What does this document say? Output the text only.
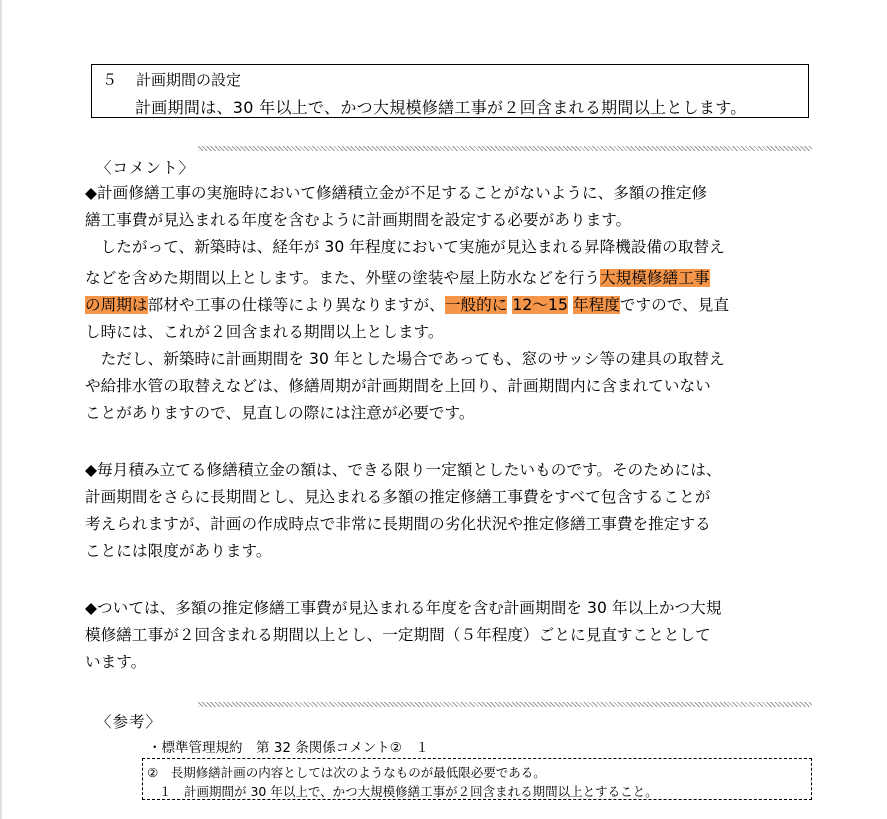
５ 計画期間の設定
計画期間は、30 年以上で、かつ大規模修繕工事が２回含まれる期間以上とします。
〈コメント〉
◆計画修繕工事の実施時において修繕積立金が不足することがないように、多額の推定修
繕工事費が見込まれる年度を含むように計画期間を設定する必要があります。
　したがって、新築時は、経年が 30 年程度において実施が見込まれる昇降機設備の取替え
などを含めた期間以上とします。また、外壁の塗装や屋上防水などを行う大規模修繕工事
の周期は部材や工事の仕様等により異なりますが、一般的に 12～15 年程度ですので、見直
し時には、これが２回含まれる期間以上とします。
　ただし、新築時に計画期間を 30 年とした場合であっても、窓のサッシ等の建具の取替え
や給排水管の取替えなどは、修繕周期が計画期間を上回り、計画期間内に含まれていない
ことがありますので、見直しの際には注意が必要です。
◆毎月積み立てる修繕積立金の額は、できる限り一定額としたいものです。そのためには、
計画期間をさらに長期間とし、見込まれる多額の推定修繕工事費をすべて包含することが
考えられますが、計画の作成時点で非常に長期間の劣化状況や推定修繕工事費を推定する
ことには限度があります。
◆ついては、多額の推定修繕工事費が見込まれる年度を含む計画期間を 30 年以上かつ大規
模修繕工事が２回含まれる期間以上とし、一定期間（５年程度）ごとに見直すこととして
います。
〈参考〉
・標準管理規約　第 32 条関係コメント②　１
②　長期修繕計画の内容としては次のようなものが最低限必要である。
１　計画期間が 30 年以上で、かつ大規模修繕工事が２回含まれる期間以上とすること。
